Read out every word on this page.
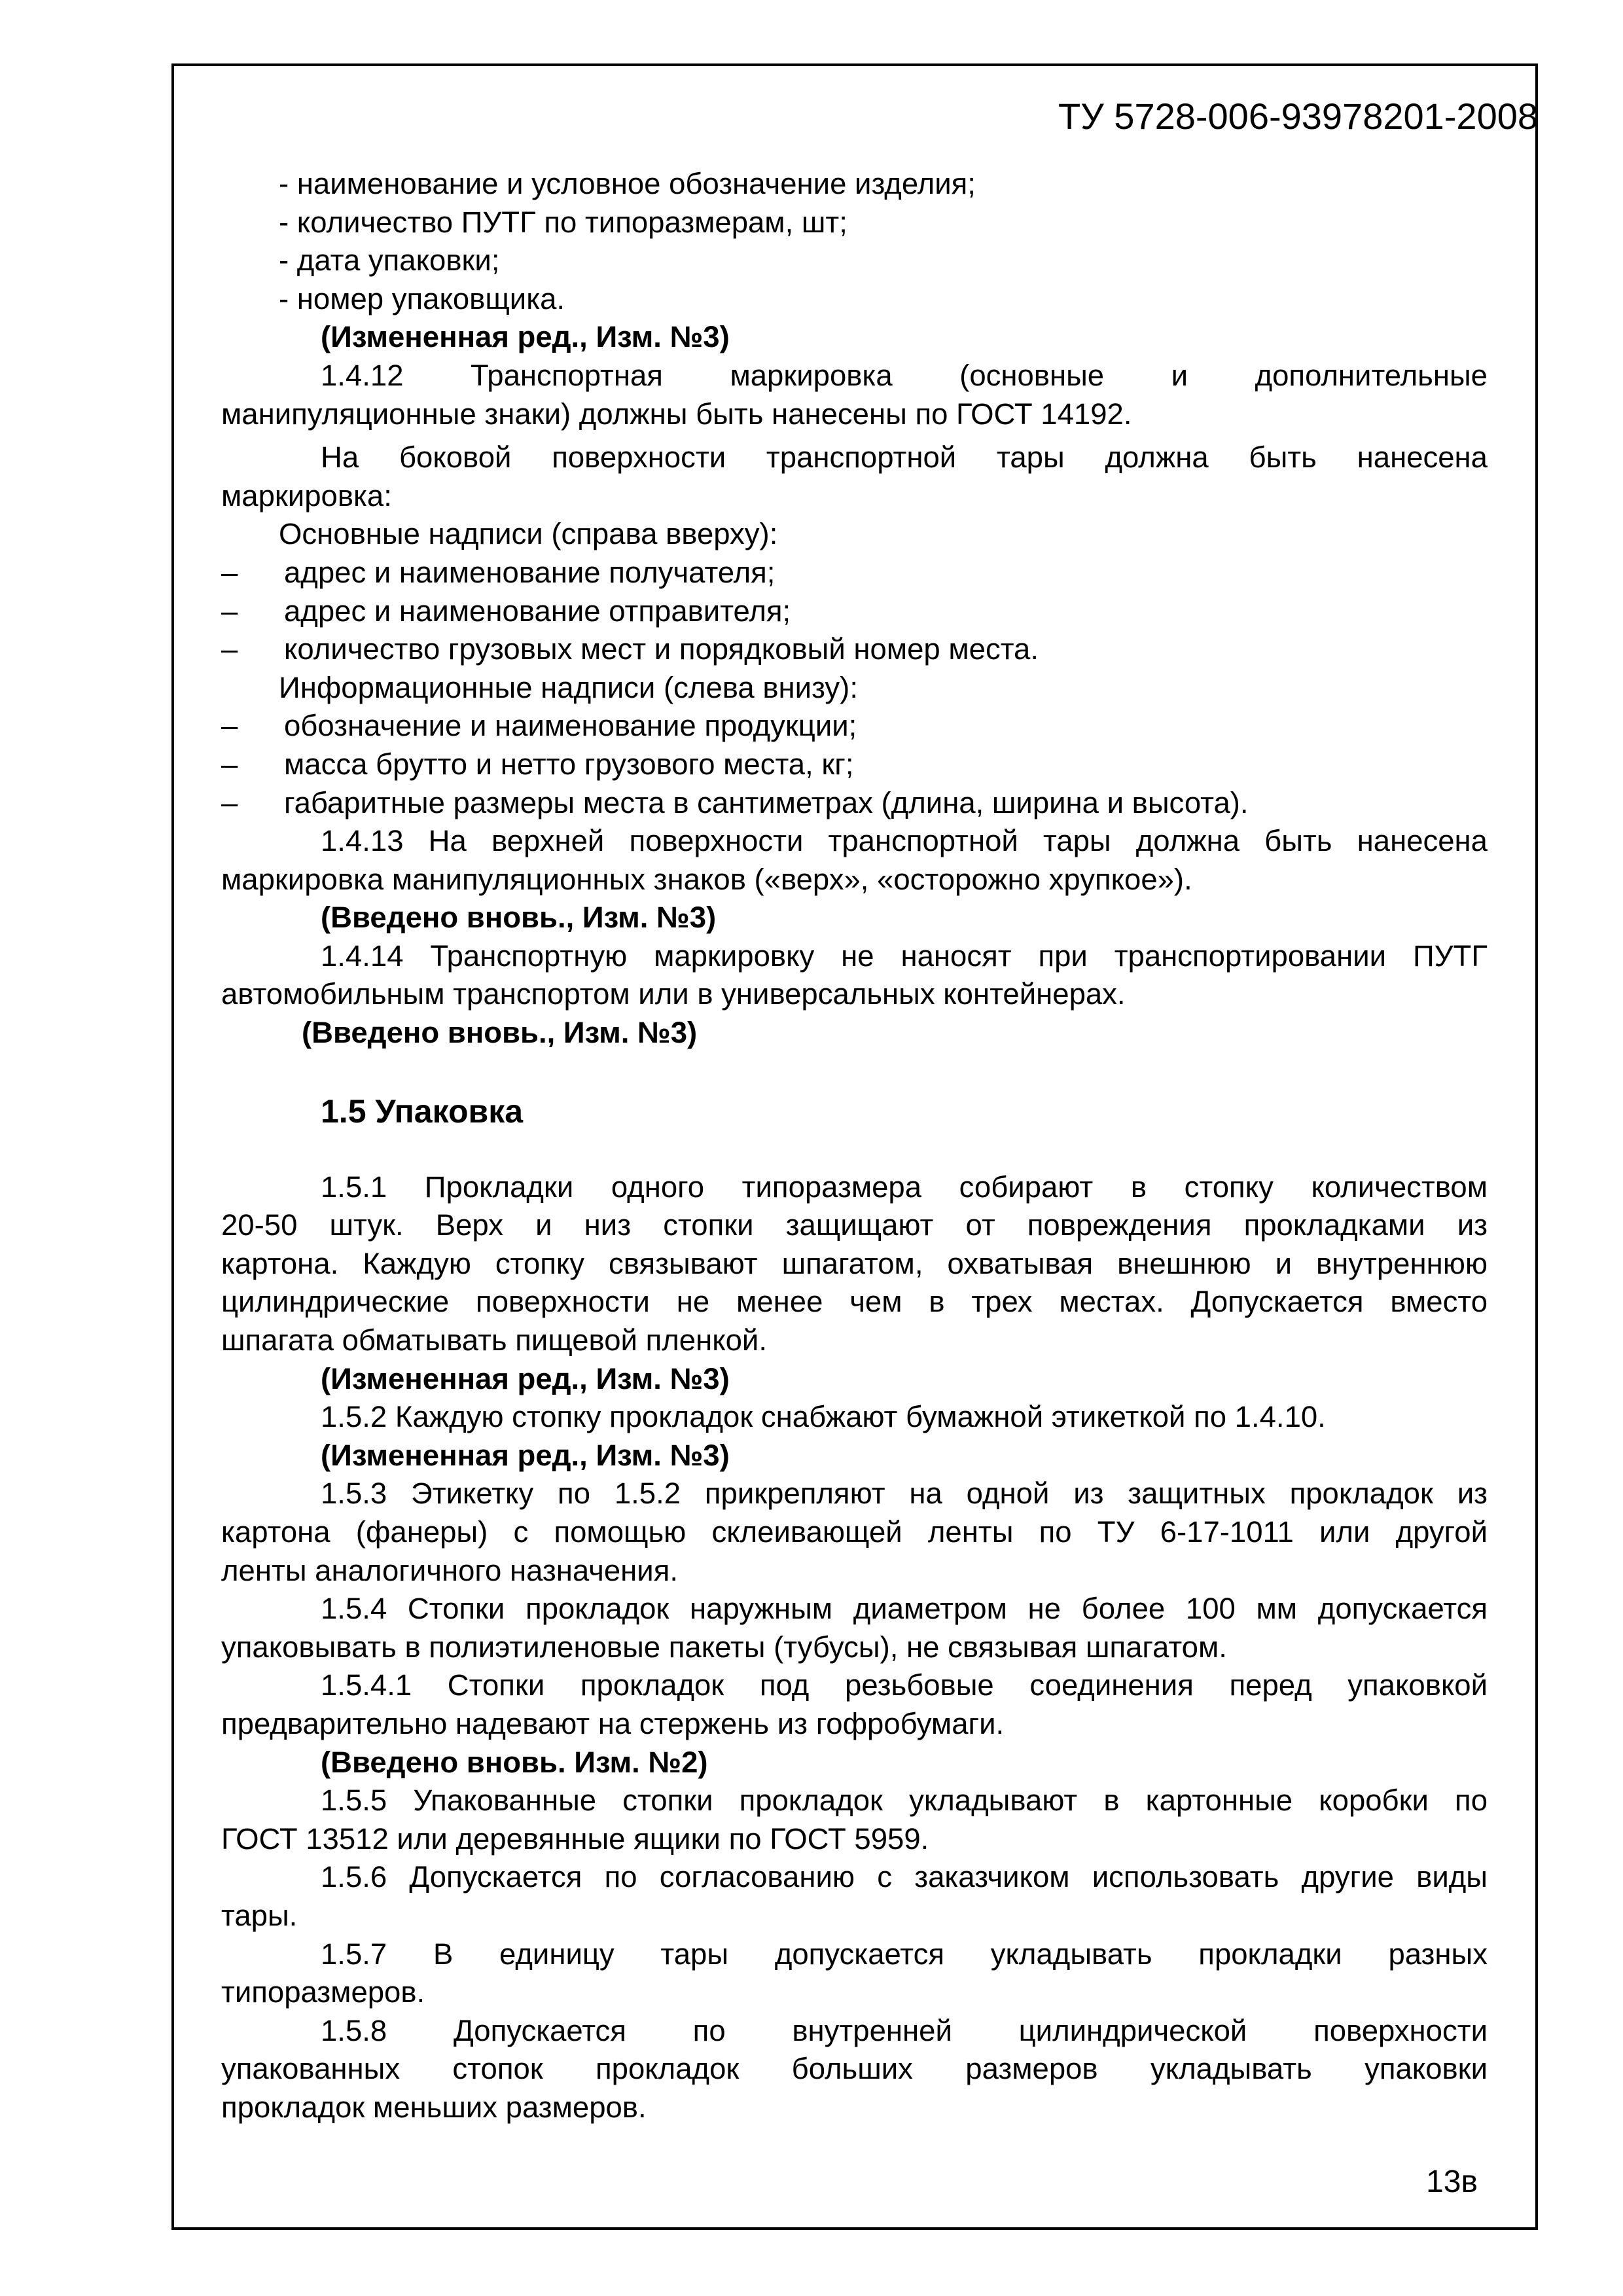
ТУ 5728-006-93978201-2008

- наименование и условное обозначение изделия;

- количество ПУТГ по типоразмерам, шт;

- дата упаковки;

- номер упаковщика.

(Измененная ред., Изм. №3)

1.4.12 Транспортная маркировка (основные и дополнительные

манипуляционные знаки) должны быть нанесены по ГОСТ 14192.

На боковой поверхности транспортной тары должна быть нанесена

маркировка:

Основные надписи (справа вверху):

–	адрес и наименование получателя;
–	адрес и наименование отправителя;
–	количество грузовых мест и порядковый номер места.

Информационные надписи (слева внизу):

–	обозначение и наименование продукции;
–	масса брутто и нетто грузового места, кг;
–	габаритные размеры места в сантиметрах (длина, ширина и высота).

1.4.13 На верхней поверхности транспортной тары должна быть нанесена

маркировка манипуляционных знаков («верх», «осторожно хрупкое»).

(Введено вновь., Изм. №3)

1.4.14 Транспортную маркировку не наносят при транспортировании ПУТГ

автомобильным транспортом или в универсальных контейнерах.

(Введено вновь., Изм. №3)

1.5 Упаковка

1.5.1 Прокладки одного типоразмера собирают в стопку количеством

20-50 штук. Верх и низ стопки защищают от повреждения прокладками из

картона. Каждую стопку связывают шпагатом, охватывая внешнюю и внутреннюю

цилиндрические поверхности не менее чем в трех местах. Допускается вместо

шпагата обматывать пищевой пленкой.

(Измененная ред., Изм. №3)

1.5.2 Каждую стопку прокладок снабжают бумажной этикеткой по 1.4.10.

(Измененная ред., Изм. №3)

1.5.3 Этикетку по 1.5.2 прикрепляют на одной из защитных прокладок из

картона (фанеры) с помощью склеивающей ленты по ТУ 6-17-1011 или другой

ленты аналогичного назначения.

1.5.4 Стопки прокладок наружным диаметром не более 100 мм допускается

упаковывать в полиэтиленовые пакеты (тубусы), не связывая шпагатом.

1.5.4.1 Стопки прокладок под резьбовые соединения перед упаковкой

предварительно надевают на стержень из гофробумаги.

(Введено вновь. Изм. №2)

1.5.5 Упакованные стопки прокладок укладывают в картонные коробки по

ГОСТ 13512 или деревянные ящики по ГОСТ 5959.

1.5.6 Допускается по согласованию с заказчиком использовать другие виды

тары.

1.5.7 В единицу тары допускается укладывать прокладки разных

типоразмеров.

1.5.8 Допускается по внутренней цилиндрической поверхности

упакованных стопок прокладок больших размеров укладывать упаковки

прокладок меньших размеров.

13в
